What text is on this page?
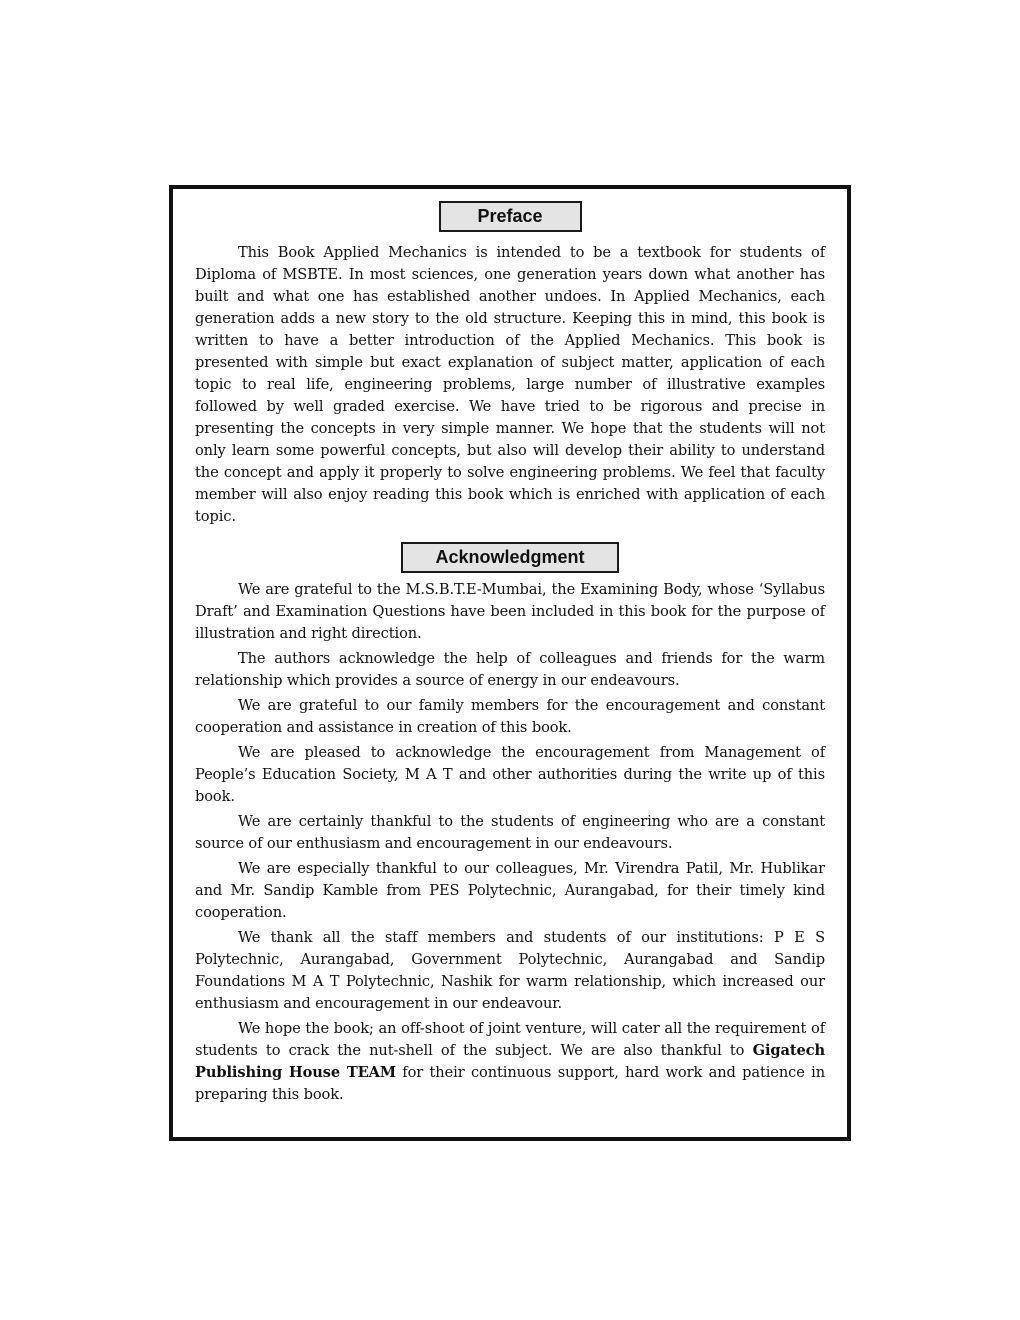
Preface

This Book Applied Mechanics is intended to be a textbook for students of Diploma of MSBTE. In most sciences, one generation years down what another has built and what one has established another undoes. In Applied Mechanics, each generation adds a new story to the old structure. Keeping this in mind, this book is written to have a better introduction of the Applied Mechanics. This book is presented with simple but exact explanation of subject matter, application of each topic to real life, engineering problems, large number of illustrative examples followed by well graded exercise. We have tried to be rigorous and precise in presenting the concepts in very simple manner. We hope that the students will not only learn some powerful concepts, but also will develop their ability to understand the concept and apply it properly to solve engineering problems. We feel that faculty member will also enjoy reading this book which is enriched with application of each topic.

Acknowledgment

We are grateful to the M.S.B.T.E-Mumbai, the Examining Body, whose ‘Syllabus Draft’ and Examination Questions have been included in this book for the purpose of illustration and right direction.

The authors acknowledge the help of colleagues and friends for the warm relationship which provides a source of energy in our endeavours.

We are grateful to our family members for the encouragement and constant cooperation and assistance in creation of this book.

We are pleased to acknowledge the encouragement from Management of People’s Education Society, M A T and other authorities during the write up of this book.

We are certainly thankful to the students of engineering who are a constant source of our enthusiasm and encouragement in our endeavours.

We are especially thankful to our colleagues, Mr. Virendra Patil, Mr. Hublikar and Mr. Sandip Kamble from PES Polytechnic, Aurangabad, for their timely kind cooperation.

We thank all the staff members and students of our institutions: P E S Polytechnic, Aurangabad, Government Polytechnic, Aurangabad and Sandip Foundations M A T Polytechnic, Nashik for warm relationship, which increased our enthusiasm and encouragement in our endeavour.

We hope the book; an off-shoot of joint venture, will cater all the requirement of students to crack the nut-shell of the subject. We are also thankful to Gigatech Publishing House TEAM for their continuous support, hard work and patience in preparing this book.
